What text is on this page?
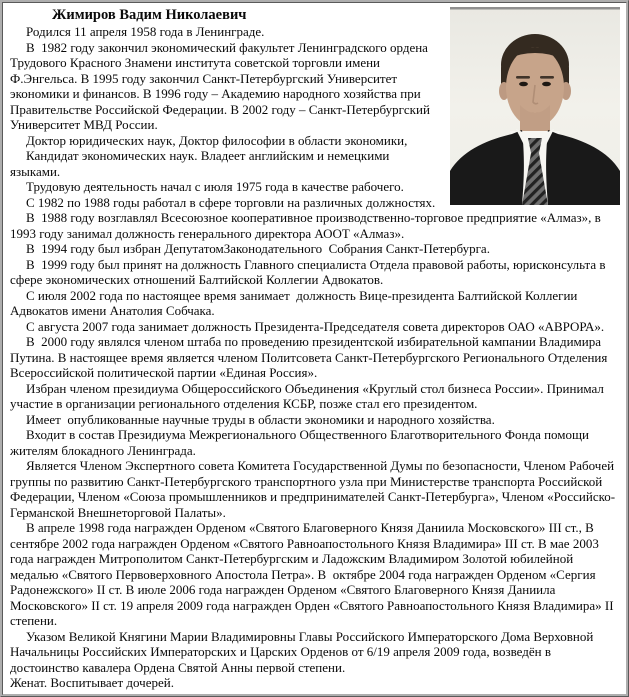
Жимиров Вадим Николаевич

Родился 11 апреля 1958 года в Ленинграде.

В  1982 году закончил экономический факультет Ленинградского ордена Трудового Красного Знамени института советской торговли имени Ф.Энгельса. В 1995 году закончил Санкт-Петербургский Университет экономики и финансов. В 1996 году – Академию народного хозяйства при Правительстве Российской Федерации. В 2002 году – Санкт-Петербургский Университет МВД России.

Доктор юридических наук, Доктор философии в области экономики,

Кандидат экономических наук. Владеет английским и немецкими языками.

Трудовую деятельность начал с июля 1975 года в качестве рабочего.

С 1982 по 1988 годы работал в сфере торговли на различных должностях.

В  1988 году возглавлял Всесоюзное кооперативное производственно-торговое предприятие «Алмаз», в 1993 году занимал должность генерального директора АООТ «Алмаз».

В  1994 году был избран ДепутатомЗаконодательного  Собрания Санкт-Петербурга.

В  1999 году был принят на должность Главного специалиста Отдела правовой работы, юрисконсульта в сфере экономических отношений Балтийской Коллегии Адвокатов.

С июля 2002 года по настоящее время занимает  должность Вице-президента Балтийской Коллегии Адвокатов имени Анатолия Собчака.

С августа 2007 года занимает должность Президента-Председателя совета директоров ОАО «АВРОРА».

В  2000 году являлся членом штаба по проведению президентской избирательной кампании Владимира Путина. В настоящее время является членом Политсовета Санкт-Петербургского Регионального Отделения Всероссийской политической партии «Единая Россия».

Избран членом президиума Общероссийского Объединения «Круглый стол бизнеса России». Принимал участие в организации регионального отделения КСБР, позже стал его президентом.

Имеет  опубликованные научные труды в области экономики и народного хозяйства.

Входит в состав Президиума Межрегионального Общественного Благотворительного Фонда помощи жителям блокадного Ленинграда.

Является Членом Экспертного совета Комитета Государственной Думы по безопасности, Членом Рабочей группы по развитию Санкт-Петербургского транспортного узла при Министерстве транспорта Российской Федерации, Членом «Союза промышленников и предпринимателей Санкт-Петербурга», Членом «Российско-Германской Внешнеторговой Палаты».

В апреле 1998 года награжден Орденом «Святого Благоверного Князя Даниила Московского» III ст., В сентябре 2002 года награжден Орденом «Святого Равноапостольного Князя Владимира» III ст. В мае 2003 года награжден Митрополитом Санкт-Петербургским и Ладожским Владимиром Золотой юбилейной медалью «Святого Первоверховного Апостола Петра». В  октябре 2004 года награжден Орденом «Сергия Радонежского» II ст. В июле 2006 года награжден Орденом «Святого Благоверного Князя Даниила Московского» II ст. 19 апреля 2009 года награжден Орден «Святого Равноапостольного Князя Владимира» II степени.

Указом Великой Княгини Марии Владимировны Главы Российского Императорского Дома Верховной Начальницы Российских Императорских и Царских Орденов от 6/19 апреля 2009 года, возведён в достоинство кавалера Ордена Святой Анны первой степени.

Женат. Воспитывает дочерей.
